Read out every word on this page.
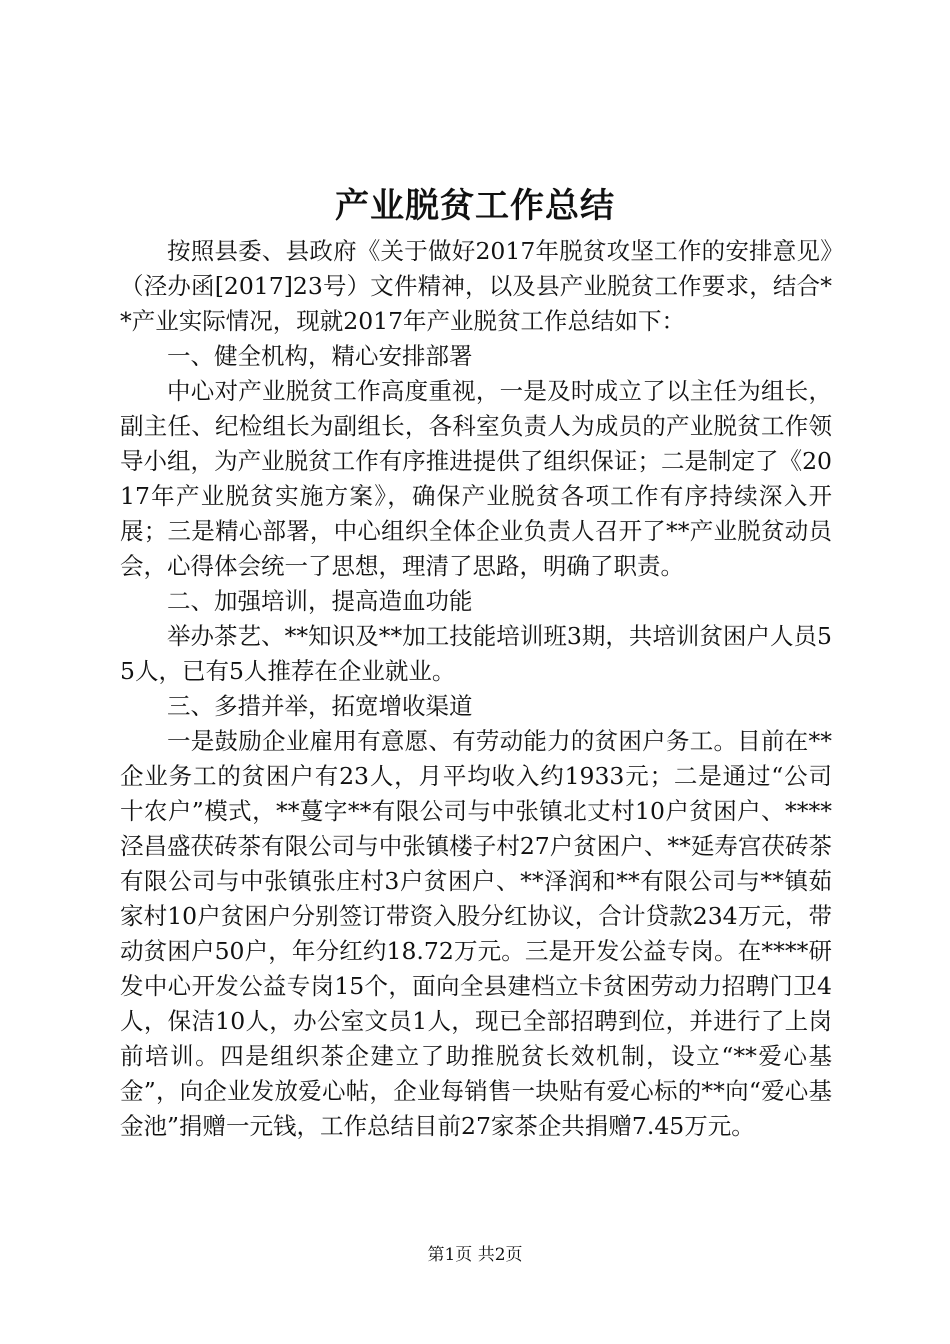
产业脱贫工作总结

按照县委、县政府《关于做好2017年脱贫攻坚工作的安排意见》（泾办函[2017]23号）文件精神，以及县产业脱贫工作要求，结合**产业实际情况，现就2017年产业脱贫工作总结如下：

一、健全机构，精心安排部署

中心对产业脱贫工作高度重视，一是及时成立了以主任为组长，副主任、纪检组长为副组长，各科室负责人为成员的产业脱贫工作领导小组，为产业脱贫工作有序推进提供了组织保证；二是制定了《2017年产业脱贫实施方案》，确保产业脱贫各项工作有序持续深入开展；三是精心部署，中心组织全体企业负责人召开了**产业脱贫动员会，心得体会统一了思想，理清了思路，明确了职责。

二、加强培训，提高造血功能

举办茶艺、**知识及**加工技能培训班3期，共培训贫困户人员55人，已有5人推荐在企业就业。

三、多措并举，拓宽增收渠道

一是鼓励企业雇用有意愿、有劳动能力的贫困户务工。目前在**企业务工的贫困户有23人，月平均收入约1933元；二是通过“公司十农户”模式，**蔓字**有限公司与中张镇北丈村10户贫困户、****泾昌盛茯砖茶有限公司与中张镇楼子村27户贫困户、**延寿宫茯砖茶有限公司与中张镇张庄村3户贫困户、**泽润和**有限公司与**镇茹家村10户贫困户分别签订带资入股分红协议，合计贷款234万元，带动贫困户50户，年分红约18.72万元。三是开发公益专岗。在****研发中心开发公益专岗15个，面向全县建档立卡贫困劳动力招聘门卫4人，保洁10人，办公室文员1人，现已全部招聘到位，并进行了上岗前培训。四是组织茶企建立了助推脱贫长效机制，设立“**爱心基金”，向企业发放爱心帖，企业每销售一块贴有爱心标的**向“爱心基金池”捐赠一元钱，工作总结目前27家茶企共捐赠7.45万元。

第1页 共2页
